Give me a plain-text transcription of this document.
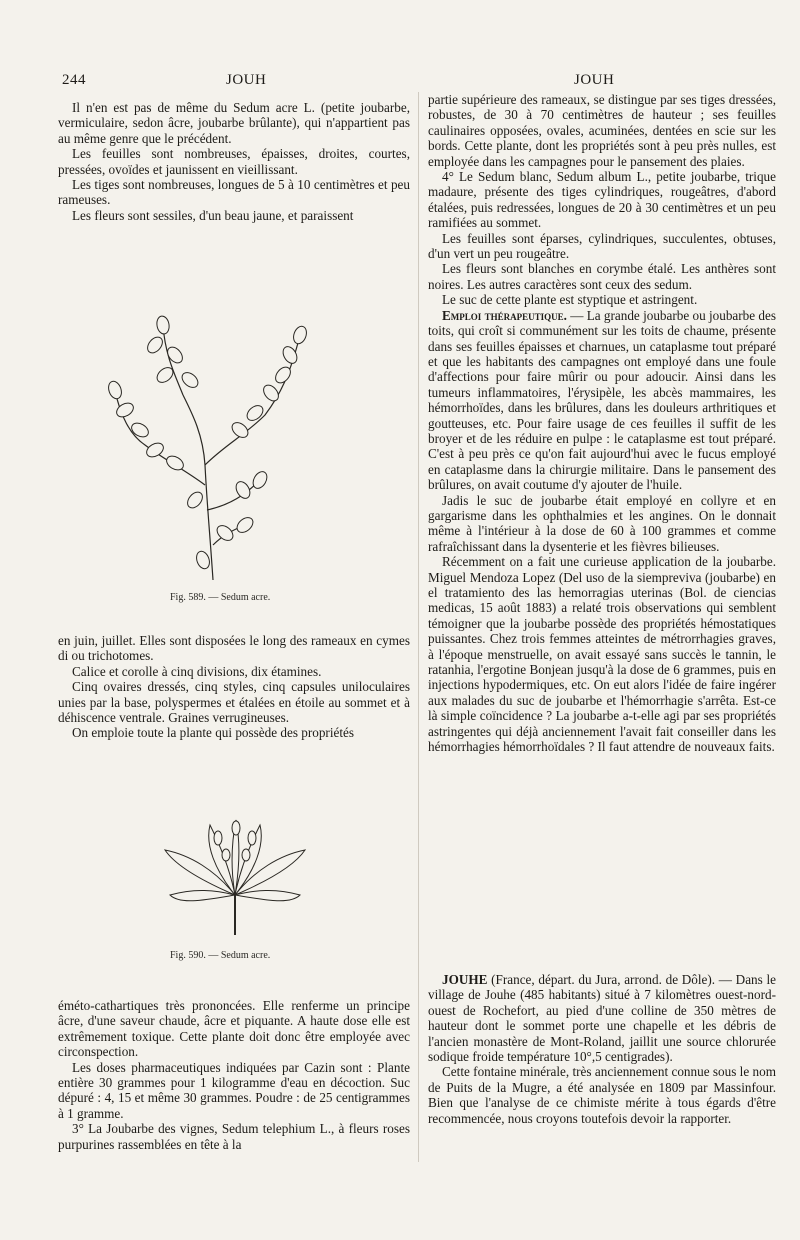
244	JOUH	JOUH

Il n'en est pas de même du Sedum acre L. (petite joubarbe, vermiculaire, sedon âcre, joubarbe brûlante), qui n'appartient pas au même genre que le précédent.

Les feuilles sont nombreuses, épaisses, droites, courtes, pressées, ovoïdes et jaunissent en vieillissant.

Les tiges sont nombreuses, longues de 5 à 10 centimètres et peu rameuses.

Les fleurs sont sessiles, d'un beau jaune, et paraissent

Fig. 589. — Sedum acre.

en juin, juillet. Elles sont disposées le long des rameaux en cymes di ou trichotomes.

Calice et corolle à cinq divisions, dix étamines.

Cinq ovaires dressés, cinq styles, cinq capsules uniloculaires unies par la base, polyspermes et étalées en étoile au sommet et à déhiscence ventrale. Graines verrugineuses.

On emploie toute la plante qui possède des propriétés

Fig. 590. — Sedum acre.

éméto-cathartiques très prononcées. Elle renferme un principe âcre, d'une saveur chaude, âcre et piquante. A haute dose elle est extrêmement toxique. Cette plante doit donc être employée avec circonspection.

Les doses pharmaceutiques indiquées par Cazin sont : Plante entière 30 grammes pour 1 kilogramme d'eau en décoction. Suc dépuré : 4, 15 et même 30 grammes. Poudre : de 25 centigrammes à 1 gramme.

3° La Joubarbe des vignes, Sedum telephium L., à fleurs roses purpurines rassemblées en tête à la

partie supérieure des rameaux, se distingue par ses tiges dressées, robustes, de 30 à 70 centimètres de hauteur ; ses feuilles caulinaires opposées, ovales, acuminées, dentées en scie sur les bords. Cette plante, dont les propriétés sont à peu près nulles, est employée dans les campagnes pour le pansement des plaies.

4° Le Sedum blanc, Sedum album L., petite joubarbe, trique madaure, présente des tiges cylindriques, rougeâtres, d'abord étalées, puis redressées, longues de 20 à 30 centimètres et un peu ramifiées au sommet.

Les feuilles sont éparses, cylindriques, succulentes, obtuses, d'un vert un peu rougeâtre.

Les fleurs sont blanches en corymbe étalé. Les anthères sont noires. Les autres caractères sont ceux des sedum.

Le suc de cette plante est styptique et astringent.

Emploi thérapeutique. — La grande joubarbe ou joubarbe des toits, qui croît si communément sur les toits de chaume, présente dans ses feuilles épaisses et charnues, un cataplasme tout préparé et que les habitants des campagnes ont employé dans une foule d'affections pour faire mûrir ou pour adoucir. Ainsi dans les tumeurs inflammatoires, l'érysipèle, les abcès mammaires, les hémorrhoïdes, dans les brûlures, dans les douleurs arthritiques et goutteuses, etc. Pour faire usage de ces feuilles il suffit de les broyer et de les réduire en pulpe : le cataplasme est tout préparé. C'est à peu près ce qu'on fait aujourd'hui avec le fucus employé en cataplasme dans la chirurgie militaire. Dans le pansement des brûlures, on avait coutume d'y ajouter de l'huile.

Jadis le suc de joubarbe était employé en collyre et en gargarisme dans les ophthalmies et les angines. On le donnait même à l'intérieur à la dose de 60 à 100 grammes et comme rafraîchissant dans la dysenterie et les fièvres bilieuses.

Récemment on a fait une curieuse application de la joubarbe. Miguel Mendoza Lopez (Del uso de la siempreviva (joubarbe) en el tratamiento des las hemorragias uterinas (Bol. de ciencias medicas, 15 août 1883) a relaté trois observations qui semblent témoigner que la joubarbe possède des propriétés hémostatiques puissantes. Chez trois femmes atteintes de métrorrhagies graves, à l'époque menstruelle, on avait essayé sans succès le tannin, le ratanhia, l'ergotine Bonjean jusqu'à la dose de 6 grammes, puis en injections hypodermiques, etc. On eut alors l'idée de faire ingérer aux malades du suc de joubarbe et l'hémorrhagie s'arrêta. Est-ce là simple coïncidence ? La joubarbe a-t-elle agi par ses propriétés astringentes qui déjà anciennement l'avait fait conseiller dans les hémorrhagies hémorrhoïdales ? Il faut attendre de nouveaux faits.

JOUHE (France, départ. du Jura, arrond. de Dôle). — Dans le village de Jouhe (485 habitants) situé à 7 kilomètres ouest-nord-ouest de Rochefort, au pied d'une colline de 350 mètres de hauteur dont le sommet porte une chapelle et les débris de l'ancien monastère de Mont-Roland, jaillit une source chlorurée sodique froide température 10°,5 centigrades).

Cette fontaine minérale, très anciennement connue sous le nom de Puits de la Mugre, a été analysée en 1809 par Massinfour. Bien que l'analyse de ce chimiste mérite à tous égards d'être recommencée, nous croyons toutefois devoir la rapporter.
